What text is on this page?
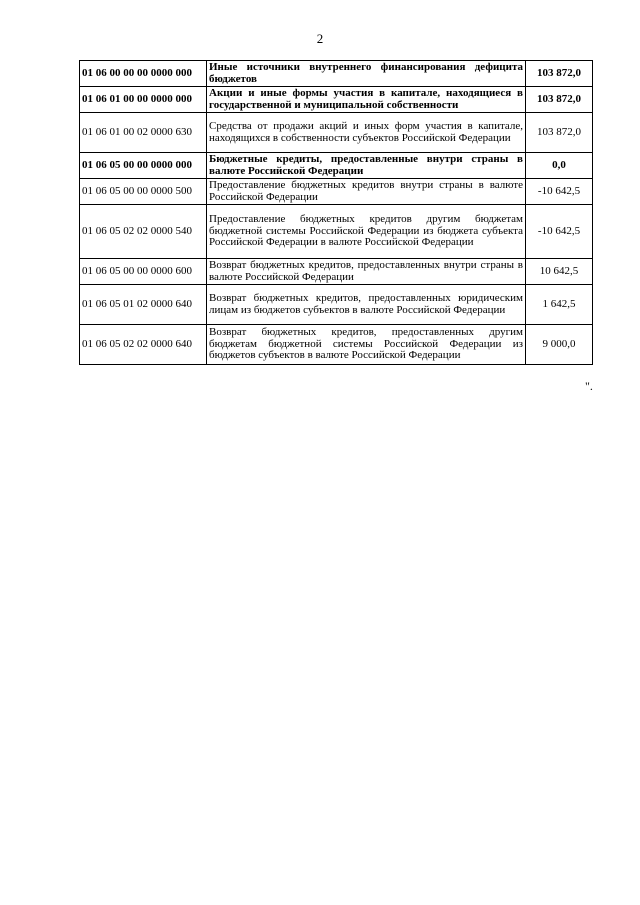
2
01 06 00 00 00 0000 000	Иные источники внутреннего финансирования дефицита бюджетов	103 872,0
01 06 01 00 00 0000 000	Акции и иные формы участия в капитале, находящиеся в государственной и муниципальной собственности	103 872,0
01 06 01 00 02 0000 630	Средства от продажи акций и иных форм участия в капитале, находящихся в собственности субъектов Российской Федерации	103 872,0
01 06 05 00 00 0000 000	Бюджетные кредиты, предоставленные внутри страны в валюте Российской Федерации	0,0
01 06 05 00 00 0000 500	Предоставление бюджетных кредитов внутри страны в валюте Российской Федерации	-10 642,5
01 06 05 02 02 0000 540	Предоставление бюджетных кредитов другим бюджетам бюджетной системы Российской Федерации из бюджета субъекта Российской Федерации в валюте Российской Федерации	-10 642,5
01 06 05 00 00 0000 600	Возврат бюджетных кредитов, предоставленных внутри страны в валюте Российской Федерации	10 642,5
01 06 05 01 02 0000 640	Возврат бюджетных кредитов, предоставленных юридическим лицам из бюджетов субъектов в валюте Российской Федерации	1 642,5
01 06 05 02 02 0000 640	Возврат бюджетных кредитов, предоставленных другим бюджетам бюджетной системы Российской Федерации из бюджетов субъектов в валюте Российской Федерации	9 000,0
".
